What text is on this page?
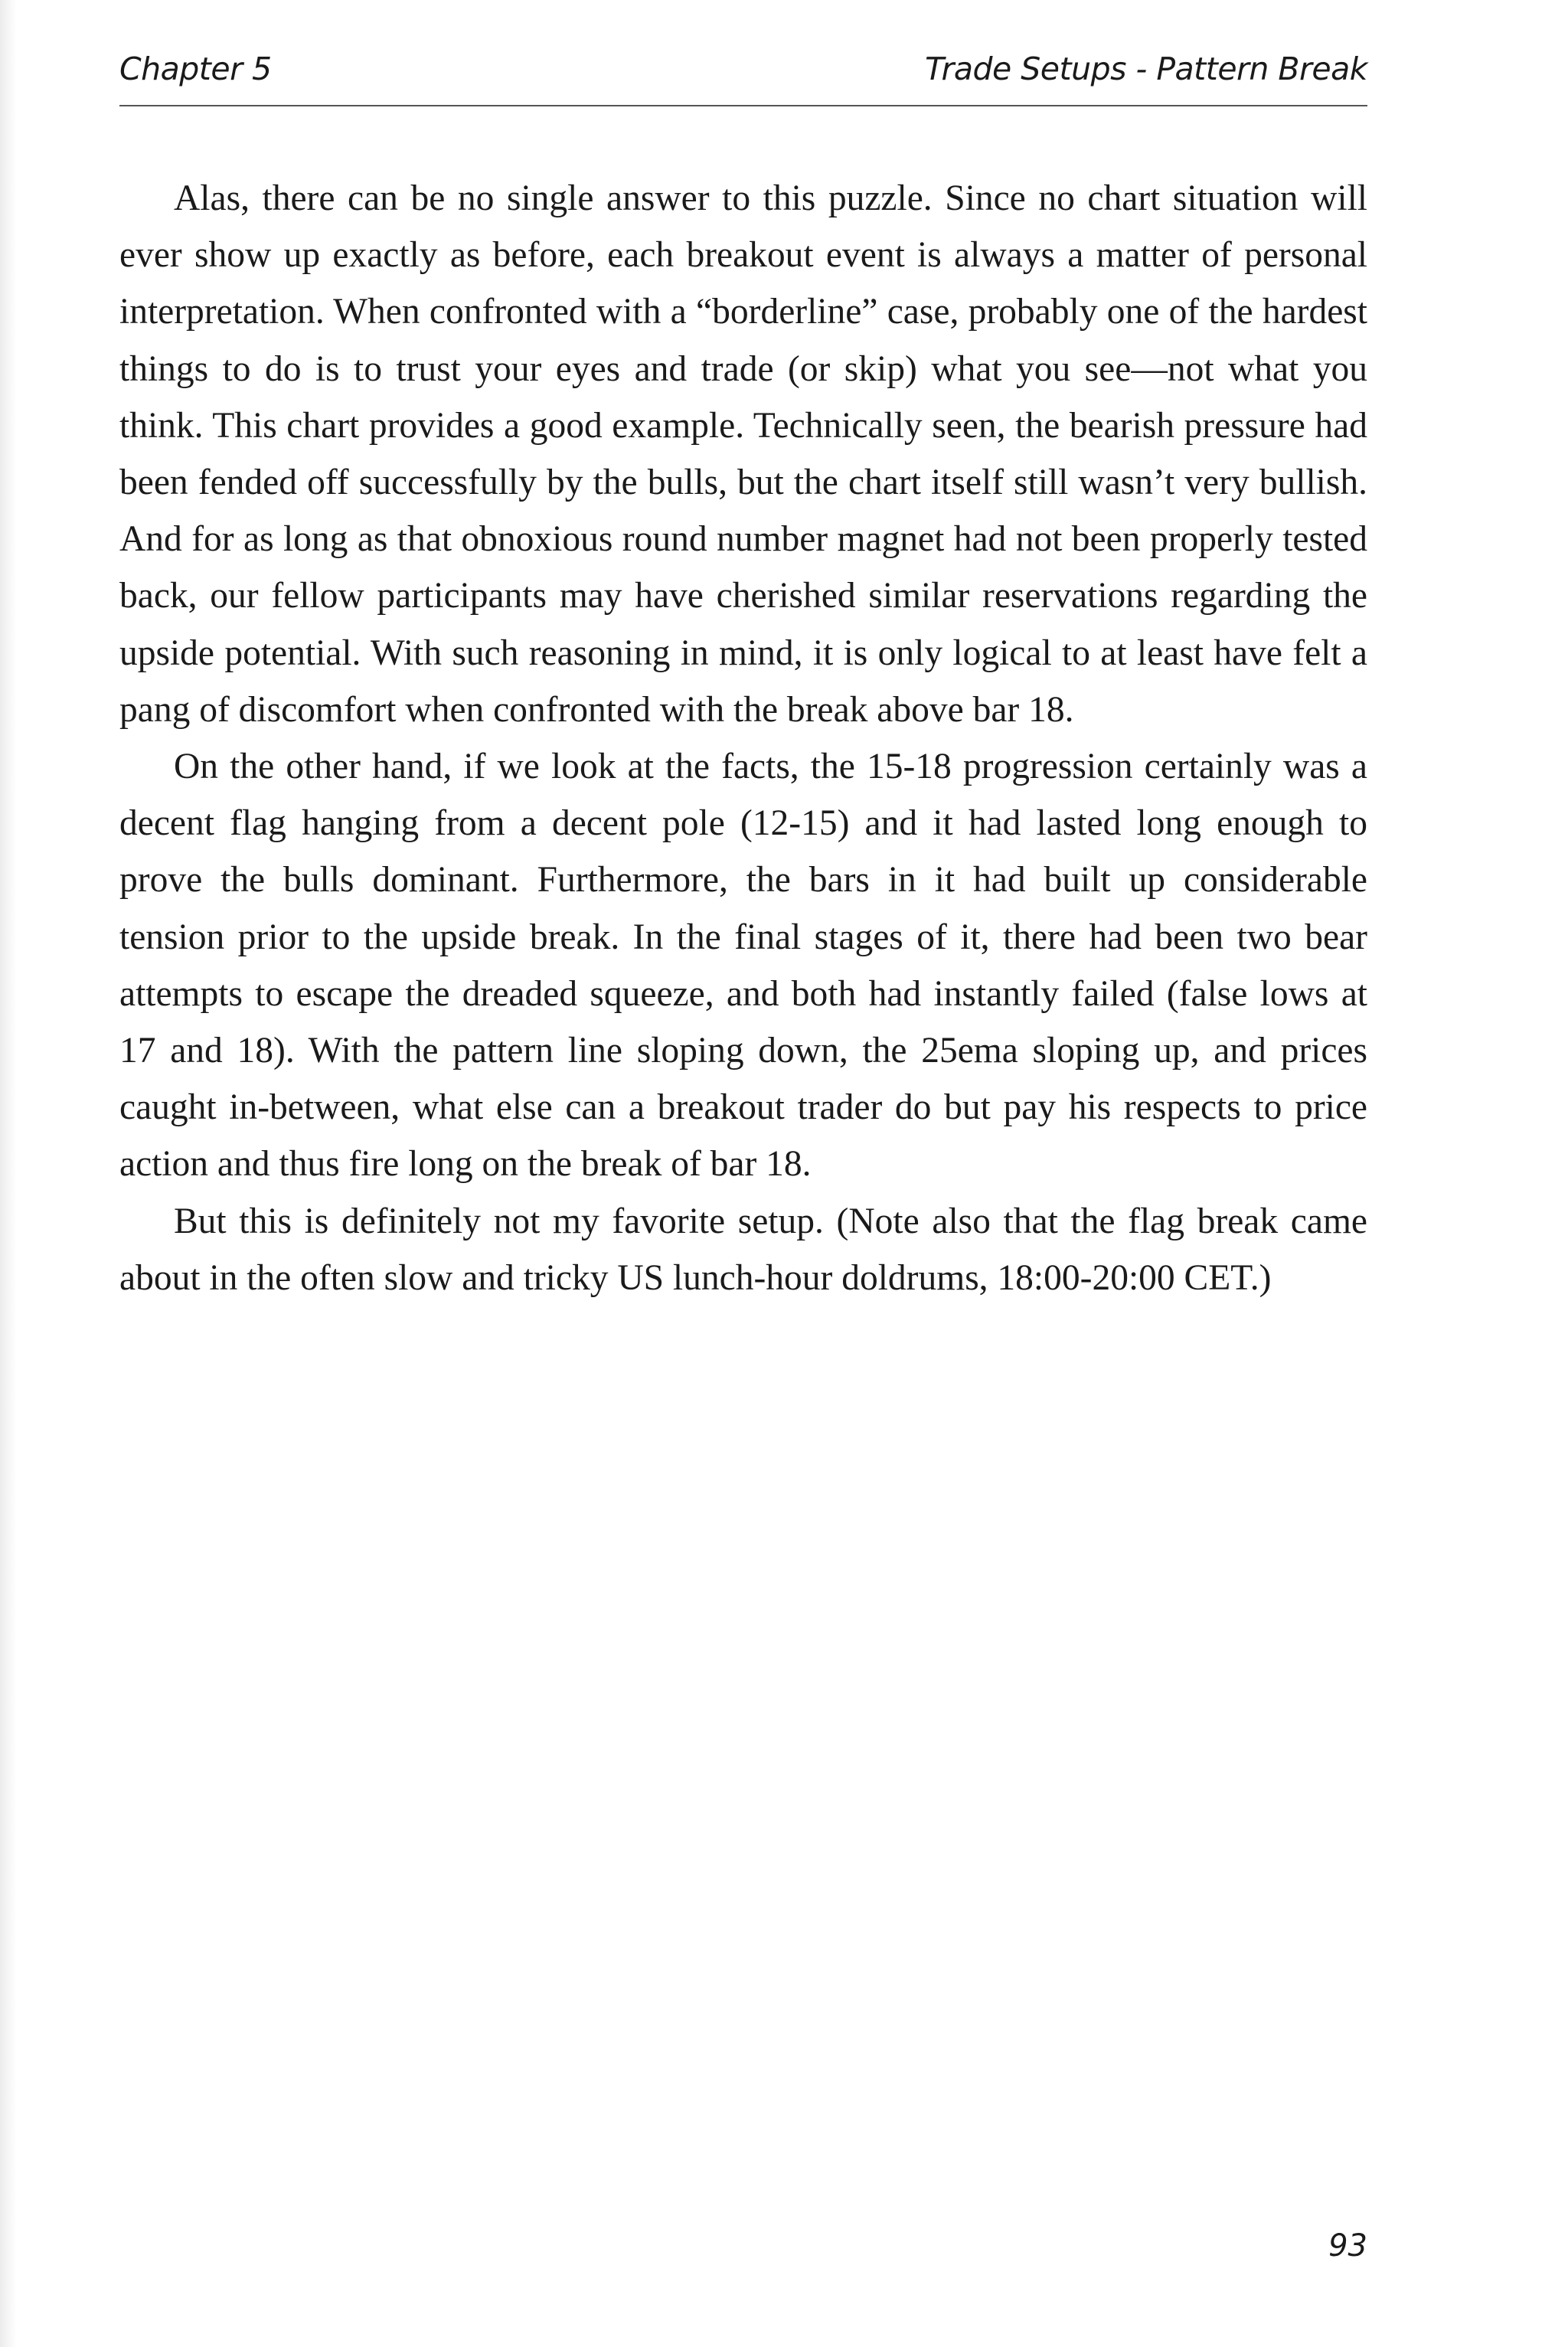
Chapter 5	Trade Setups - Pattern Break

Alas, there can be no single answer to this puzzle. Since no chart situation will ever show up exactly as before, each breakout event is always a matter of personal interpretation. When confronted with a “borderline” case, probably one of the hardest things to do is to trust your eyes and trade (or skip) what you see—not what you think. This chart provides a good example. Technically seen, the bearish pressure had been fended off successfully by the bulls, but the chart itself still wasn’t very bullish. And for as long as that obnoxious round number magnet had not been properly tested back, our fellow participants may have cherished similar reservations regarding the upside potential. With such reasoning in mind, it is only logical to at least have felt a pang of discomfort when confronted with the break above bar 18.

On the other hand, if we look at the facts, the 15-18 progression certainly was a decent flag hanging from a decent pole (12-15) and it had lasted long enough to prove the bulls dominant. Furthermore, the bars in it had built up considerable tension prior to the upside break. In the final stages of it, there had been two bear attempts to escape the dreaded squeeze, and both had instantly failed (false lows at 17 and 18). With the pattern line sloping down, the 25ema sloping up, and prices caught in-between, what else can a breakout trader do but pay his respects to price action and thus fire long on the break of bar 18.

But this is definitely not my favorite setup. (Note also that the flag break came about in the often slow and tricky US lunch-hour doldrums, 18:00-20:00 CET.)

93
